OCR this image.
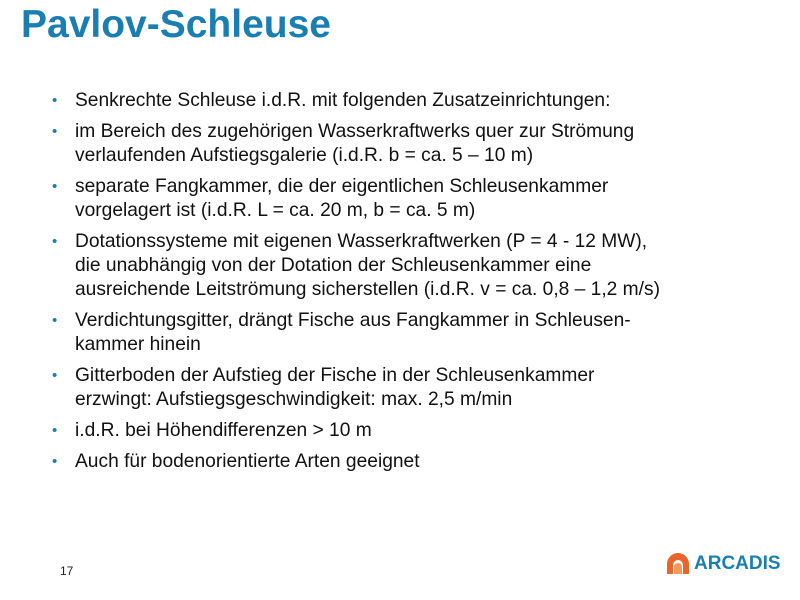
Pavlov-Schleuse
• Senkrechte Schleuse i.d.R. mit folgenden Zusatzeinrichtungen:
• im Bereich des zugehörigen Wasserkraftwerks quer zur Strömung
verlaufenden Aufstiegsgalerie (i.d.R. b = ca. 5 – 10 m)
• separate Fangkammer, die der eigentlichen Schleusenkammer
vorgelagert ist (i.d.R. L = ca. 20 m, b = ca. 5 m)
• Dotationssysteme mit eigenen Wasserkraftwerken (P = 4 - 12 MW),
die unabhängig von der Dotation der Schleusenkammer eine
ausreichende Leitströmung sicherstellen (i.d.R. v = ca. 0,8 – 1,2 m/s)
• Verdichtungsgitter, drängt Fische aus Fangkammer in Schleusen-
kammer hinein
• Gitterboden der Aufstieg der Fische in der Schleusenkammer
erzwingt: Aufstiegsgeschwindigkeit: max. 2,5 m/min
• i.d.R. bei Höhendifferenzen > 10 m
• Auch für bodenorientierte Arten geeignet
17	ARCADIS
